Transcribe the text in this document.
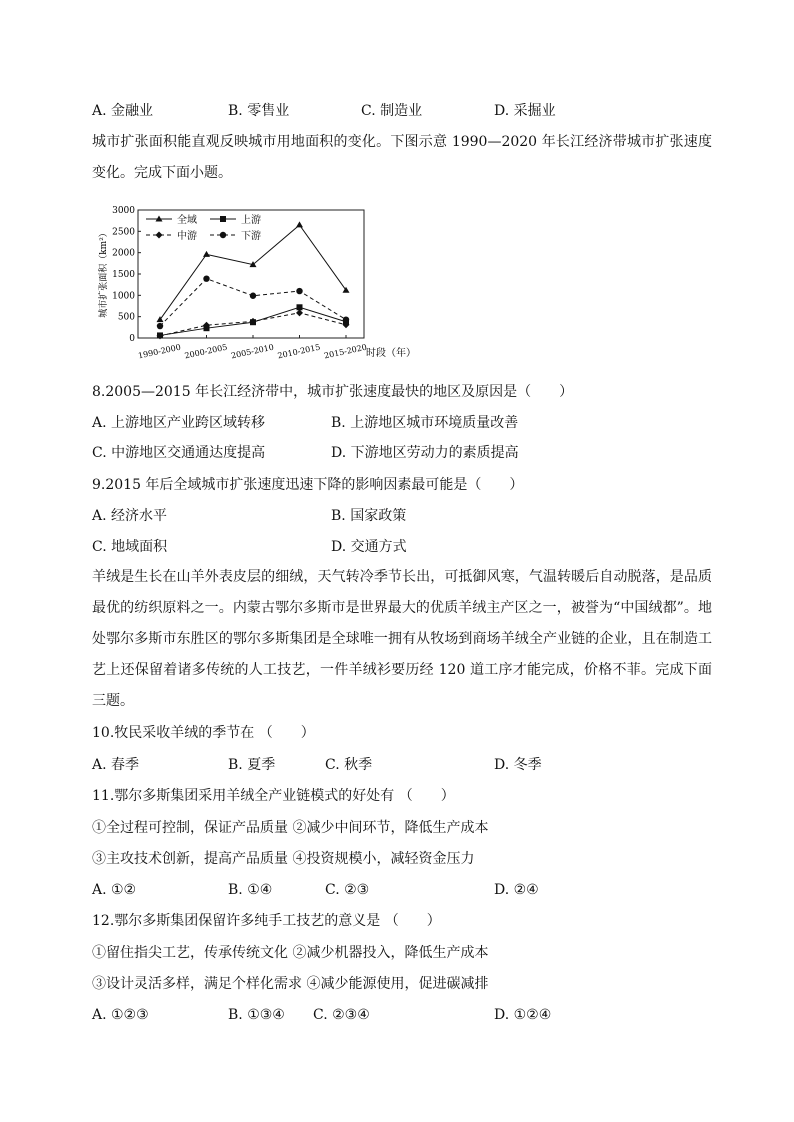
A. 金融业	B. 零售业	C. 制造业	D. 采掘业
城市扩张面积能直观反映城市用地面积的变化。下图示意 1990—2020 年长江经济带城市扩张速度变化。完成下面小题。
0
500
1000
1500
2000
2500
3000
1990-2000 2000-2005 2005-2010 2010-2015 2015-2020
全域	上游
中游	下游
城市扩张面积（km²）
时段（年）
8.2005—2015 年长江经济带中，城市扩张速度最快的地区及原因是（　　）
A. 上游地区产业跨区域转移	B. 上游地区城市环境质量改善
C. 中游地区交通通达度提高	D. 下游地区劳动力的素质提高
9.2015 年后全域城市扩张速度迅速下降的影响因素最可能是（　　）
A. 经济水平	B. 国家政策
C. 地域面积	D. 交通方式
羊绒是生长在山羊外表皮层的细绒，天气转冷季节长出，可抵御风寒，气温转暖后自动脱落，是品质最优的纺织原料之一。内蒙古鄂尔多斯市是世界最大的优质羊绒主产区之一，被誉为“中国绒都”。地处鄂尔多斯市东胜区的鄂尔多斯集团是全球唯一拥有从牧场到商场羊绒全产业链的企业，且在制造工艺上还保留着诸多传统的人工技艺，一件羊绒衫要历经 120 道工序才能完成，价格不菲。完成下面三题。
10.牧民采收羊绒的季节在 （　　）
A. 春季	B. 夏季	C. 秋季	D. 冬季
11.鄂尔多斯集团采用羊绒全产业链模式的好处有 （　　）
①全过程可控制，保证产品质量 ②减少中间环节，降低生产成本
③主攻技术创新，提高产品质量 ④投资规模小，减轻资金压力
A. ①②	B. ①④	C. ②③	D. ②④
12.鄂尔多斯集团保留许多纯手工技艺的意义是 （　　）
①留住指尖工艺，传承传统文化 ②减少机器投入，降低生产成本
③设计灵活多样，满足个样化需求 ④减少能源使用，促进碳减排
A. ①②③	B. ①③④ C. ②③④	D. ①②④
